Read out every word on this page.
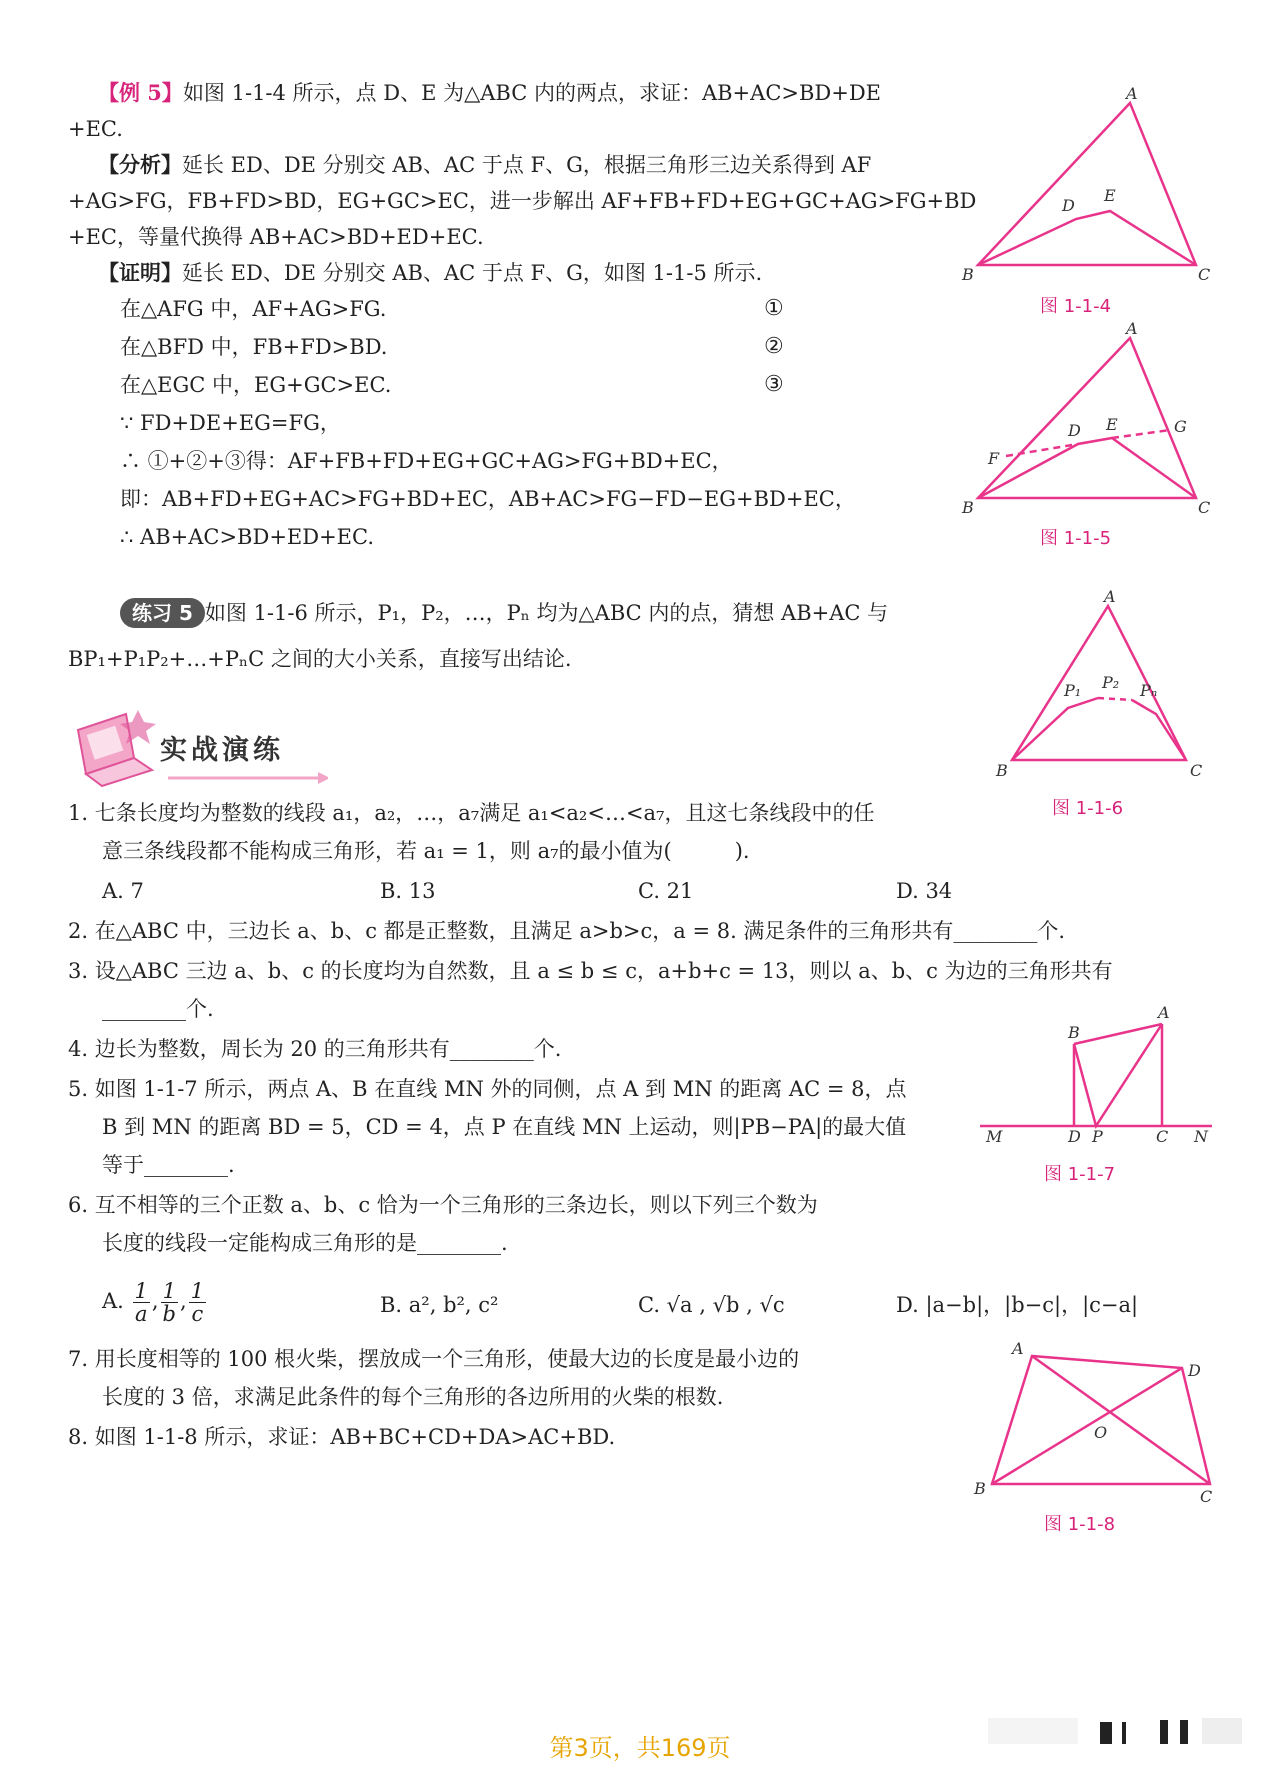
【例 5】如图 1-1-4 所示，点 D、E 为△ABC 内的两点，求证：AB+AC>BD+DE
+EC.
【分析】延长 ED、DE 分别交 AB、AC 于点 F、G，根据三角形三边关系得到 AF
+AG>FG，FB+FD>BD，EG+GC>EC，进一步解出 AF+FB+FD+EG+GC+AG>FG+BD
+EC，等量代换得 AB+AC>BD+ED+EC.
【证明】延长 ED、DE 分别交 AB、AC 于点 F、G，如图 1-1-5 所示.
在△AFG 中，AF+AG>FG.	①
在△BFD 中，FB+FD>BD.	②
在△EGC 中，EG+GC>EC.	③
∵ FD+DE+EG=FG，
∴ ①+②+③得：AF+FB+FD+EG+GC+AG>FG+BD+EC，
即：AB+FD+EG+AC>FG+BD+EC，AB+AC>FG−FD−EG+BD+EC，
∴ AB+AC>BD+ED+EC.
练习 5 如图 1-1-6 所示，P₁，P₂，…，Pₙ 均为△ABC 内的点，猜想 AB+AC 与
BP₁+P₁P₂+…+PₙC 之间的大小关系，直接写出结论.
实战演练
1. 七条长度均为整数的线段 a₁，a₂，…，a₇满足 a₁<a₂<…<a₇，且这七条线段中的任
意三条线段都不能构成三角形，若 a₁ = 1，则 a₇的最小值为(　　　).
A. 7	B. 13	C. 21	D. 34
2. 在△ABC 中，三边长 a、b、c 都是正整数，且满足 a>b>c，a = 8. 满足条件的三角形共有________个.
3. 设△ABC 三边 a、b、c 的长度均为自然数，且 a ≤ b ≤ c，a+b+c = 13，则以 a、b、c 为边的三角形共有
________个.
4. 边长为整数，周长为 20 的三角形共有________个.
5. 如图 1-1-7 所示，两点 A、B 在直线 MN 外的同侧，点 A 到 MN 的距离 AC = 8，点
B 到 MN 的距离 BD = 5，CD = 4，点 P 在直线 MN 上运动，则|PB−PA|的最大值
等于________.
6. 互不相等的三个正数 a、b、c 恰为一个三角形的三条边长，则以下列三个数为
长度的线段一定能构成三角形的是________.
A. $\frac{1}{a}$ , $\frac{1}{b}$ , $\frac{1}{c}$	B. a², b², c²	C. √a , √b , √c	D. |a−b|，|b−c|，|c−a|
7. 用长度相等的 100 根火柴，摆放成一个三角形，使最大边的长度是最小边的
长度的 3 倍，求满足此条件的每个三角形的各边所用的火柴的根数.
8. 如图 1-1-8 所示，求证：AB+BC+CD+DA>AC+BD.
A
B	C
D
E
图 1-1-4
A
B	C
D E
F
G
图 1-1-5
A
B	C
P₁ P₂ Pₙ
图 1-1-6
A
B
M	D P	C N
图 1-1-7
A
B	C
D
O
图 1-1-8
第3页，共169页
